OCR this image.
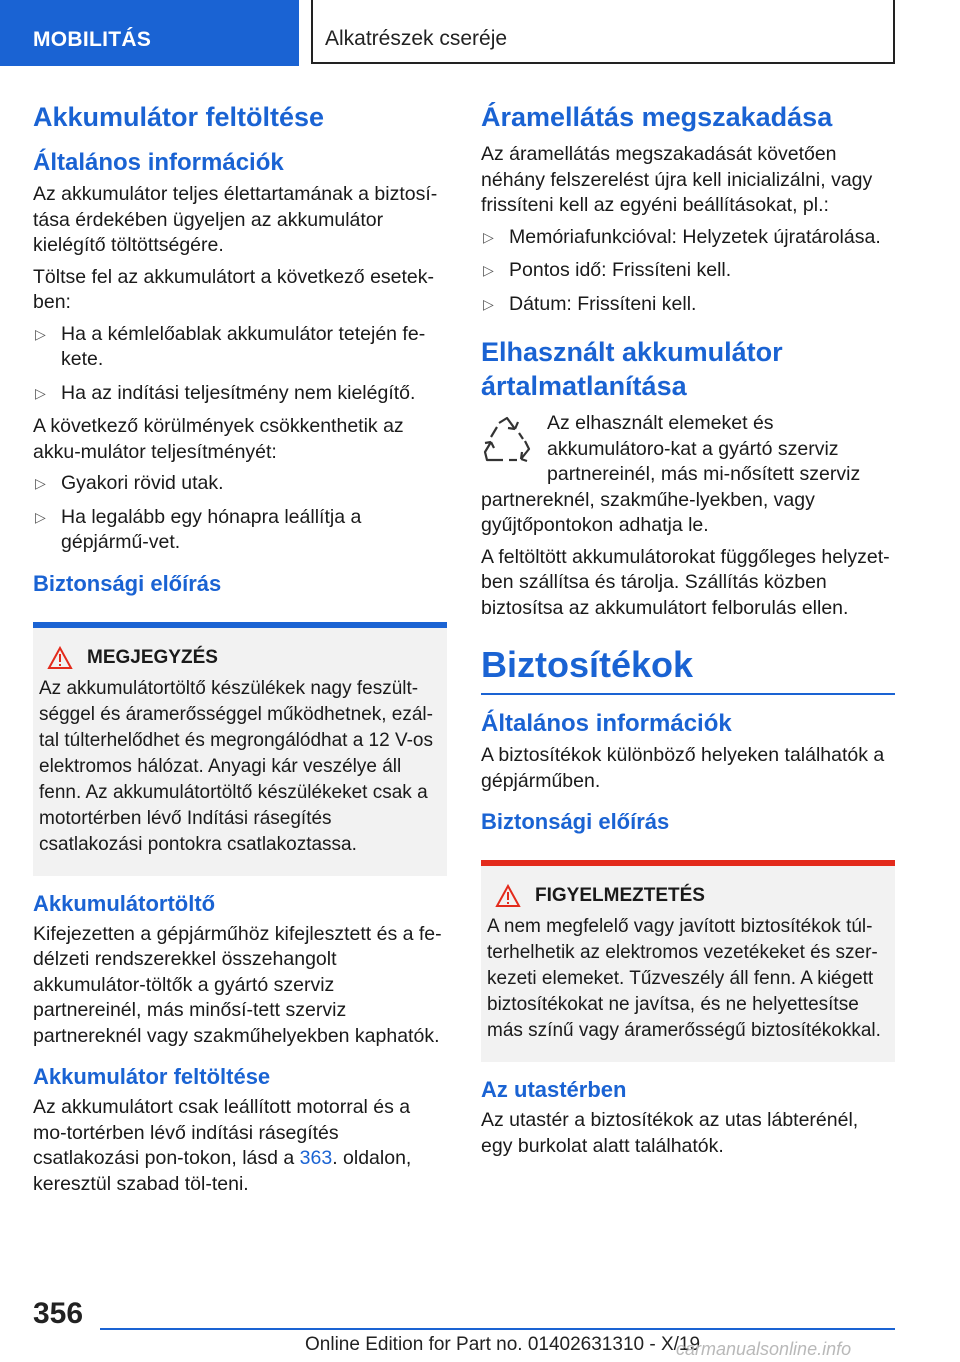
MOBILITÁS	Alkatrészek cseréje
Akkumulátor feltöltése
Általános információk

Az akkumulátor teljes élettartamának a biztosí-tása érdekében ügyeljen az akkumulátor kielégítő töltöttségére.

Töltse fel az akkumulátort a következő esetek-ben:

▷ Ha a kémlelőablak akkumulátor tetején fe-kete.
▷ Ha az indítási teljesítmény nem kielégítő.

A következő körülmények csökkenthetik az akku-mulátor teljesítményét:

▷ Gyakori rövid utak.
▷ Ha legalább egy hónapra leállítja a gépjármű-vet.
Biztonsági előírás
MEGJEGYZÉS

Az akkumulátortöltő készülékek nagy feszült-séggel és áramerősséggel működhetnek, ezál-tal túlterhelődhet és megrongálódhat a 12 V-os elektromos hálózat. Anyagi kár veszélye áll fenn. Az akkumulátortöltő készülékeket csak a motortérben lévő Indítási rásegítés csatlakozási pontokra csatlakoztassa.

Akkumulátortöltő

Kifejezetten a gépjárműhöz kifejlesztett és a fe-délzeti rendszerekkel összehangolt akkumulátor-töltők a gyártó szerviz partnereinél, más minősí-tett szerviz partnereknél vagy szakműhelyekben kaphatók.

Akkumulátor feltöltése

Az akkumulátort csak leállított motorral és a mo-tortérben lévő indítási rásegítés csatlakozási pon-tokon, lásd a 363. oldalon, keresztül szabad töl-teni.

Áramellátás megszakadása

Az áramellátás megszakadását követően néhány felszerelést újra kell inicializálni, vagy frissíteni kell az egyéni beállításokat, pl.:

▷ Memóriafunkcióval: Helyzetek újratárolása.
▷ Pontos idő: Frissíteni kell.
▷ Dátum: Frissíteni kell.
Elhasznált akkumulátor ártalmatlanítása

Az elhasznált elemeket és akkumulátoro-kat a gyártó szerviz partnereinél, más mi-nősített szerviz partnereknél, szakműhe-lyekben, vagy gyűjtőpontokon adhatja le.

A feltöltött akkumulátorokat függőleges helyzet-ben szállítsa és tárolja. Szállítás közben biztosítsa az akkumulátort felborulás ellen.

Biztosítékok
Általános információk

A biztosítékok különböző helyeken találhatók a gépjárműben.

Biztonsági előírás
FIGYELMEZTETÉS

A nem megfelelő vagy javított biztosítékok túl-terhelhetik az elektromos vezetékeket és szer-kezeti elemeket. Tűzveszély áll fenn. A kiégett biztosítékokat ne javítsa, és ne helyettesítse más színű vagy áramerősségű biztosítékokkal.

Az utastérben

Az utastér a biztosítékok az utas lábterénél, egy burkolat alatt találhatók.

356
Online Edition for Part no. 01402631310 - X/19
carmanualsonline.info
